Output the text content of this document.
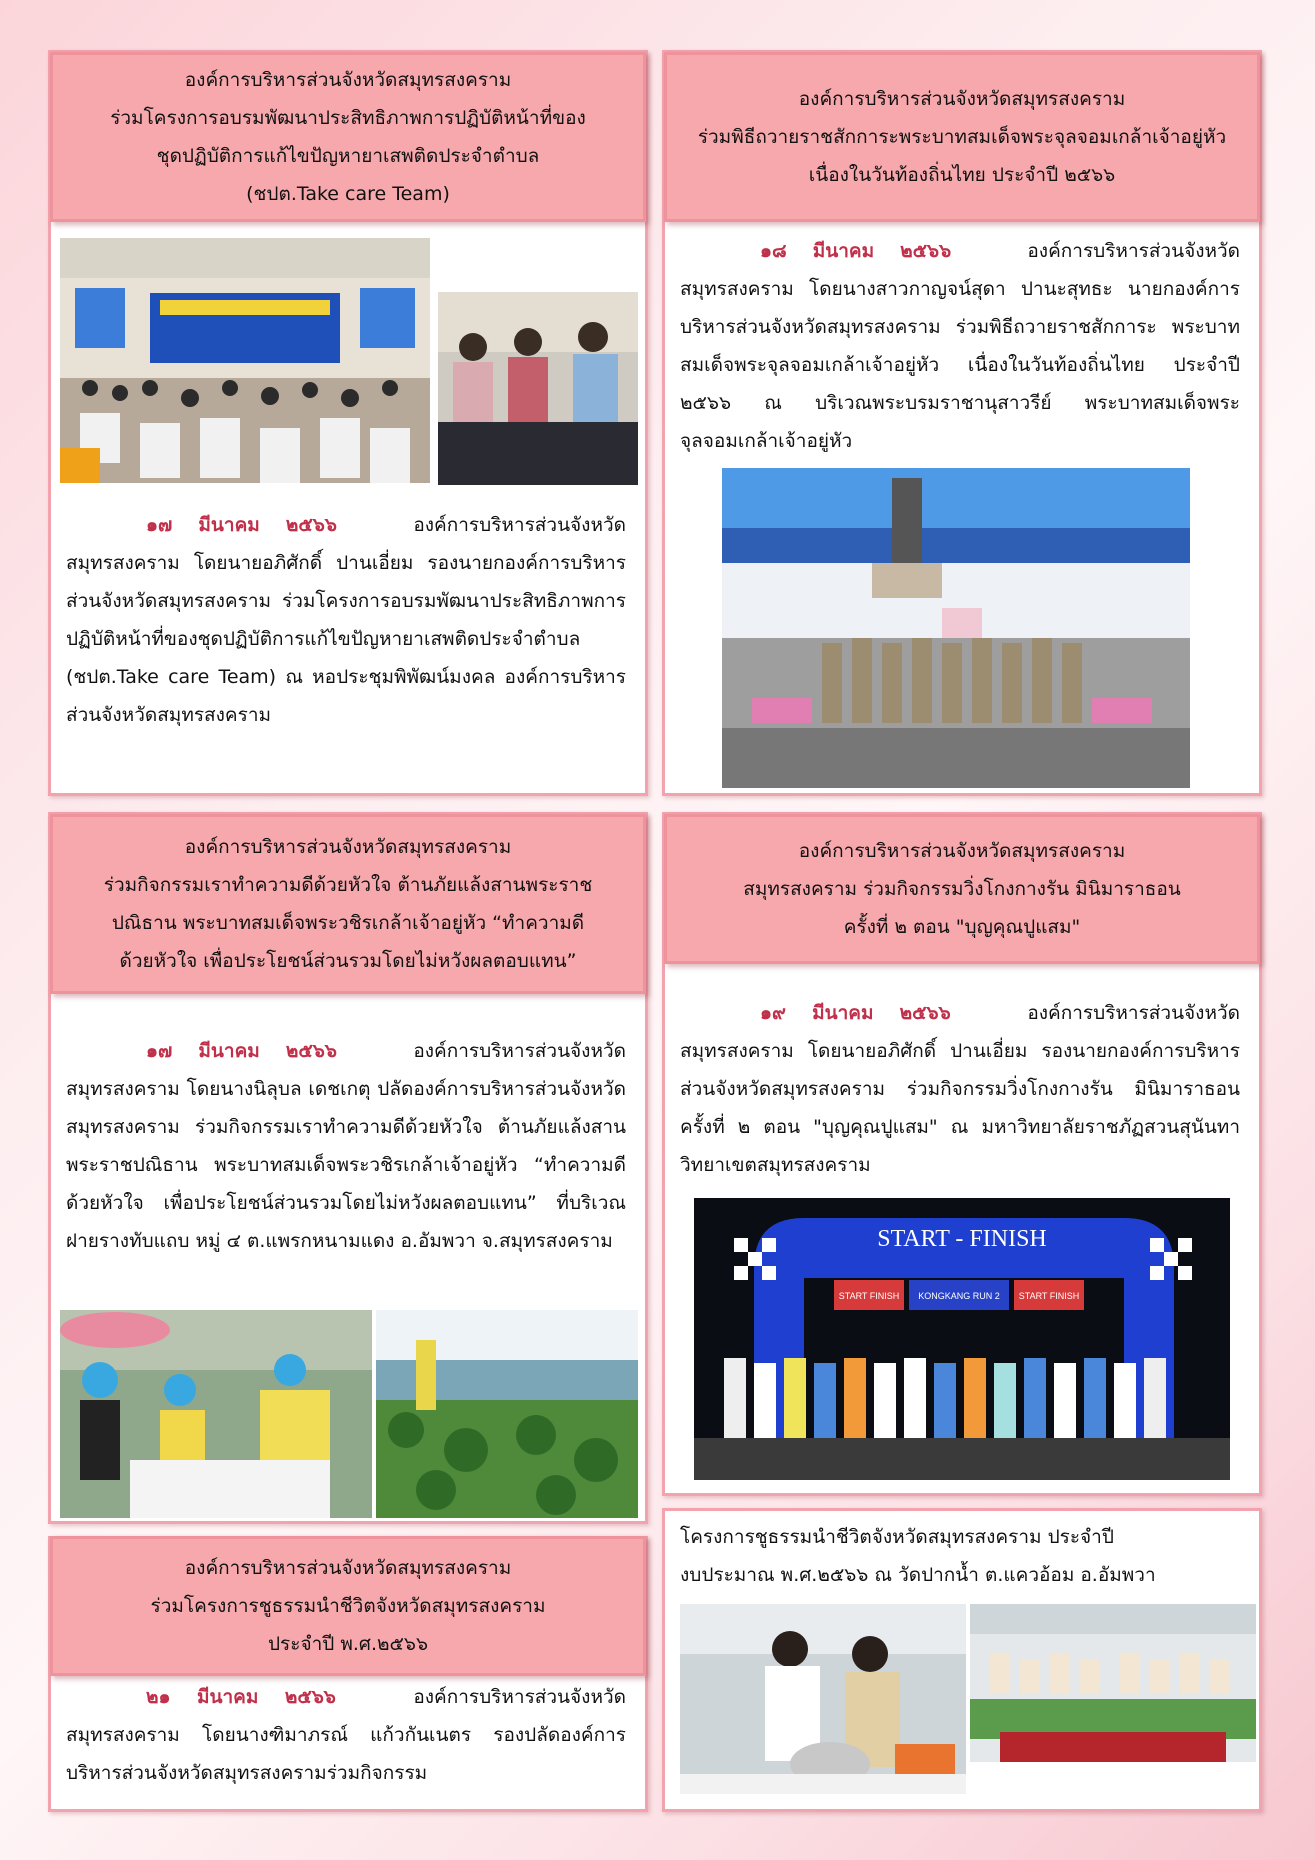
องค์การบริหารส่วนจังหวัดสมุทรสงคราม
ร่วมโครงการอบรมพัฒนาประสิทธิภาพการปฏิบัติหน้าที่ของ
ชุดปฏิบัติการแก้ไขปัญหายาเสพติดประจำตำบล
(ชปต.Take care Team)
๑๗ มีนาคม ๒๕๖๖	องค์การบริหารส่วนจังหวัดสมุทรสงคราม โดยนายอภิศักดิ์ ปานเอี่ยม รองนายกองค์การบริหารส่วนจังหวัดสมุทรสงคราม ร่วมโครงการอบรมพัฒนาประสิทธิภาพการปฏิบัติหน้าที่ของชุดปฏิบัติการแก้ไขปัญหายาเสพติดประจำตำบล (ชปต.Take care Team) ณ หอประชุมพิพัฒน์มงคล องค์การบริหารส่วนจังหวัดสมุทรสงคราม
องค์การบริหารส่วนจังหวัดสมุทรสงคราม
ร่วมพิธีถวายราชสักการะพระบาทสมเด็จพระจุลจอมเกล้าเจ้าอยู่หัว
เนื่องในวันท้องถิ่นไทย ประจำปี ๒๕๖๖
๑๘ มีนาคม ๒๕๖๖	องค์การบริหารส่วนจังหวัดสมุทรสงคราม โดยนางสาวกาญจน์สุดา ปานะสุทธะ นายกองค์การบริหารส่วนจังหวัดสมุทรสงคราม ร่วมพิธีถวายราชสักการะ พระบาทสมเด็จพระจุลจอมเกล้าเจ้าอยู่หัว เนื่องในวันท้องถิ่นไทย ประจำปี ๒๕๖๖ ณ บริเวณพระบรมราชานุสาวรีย์ พระบาทสมเด็จพระจุลจอมเกล้าเจ้าอยู่หัว
องค์การบริหารส่วนจังหวัดสมุทรสงคราม
ร่วมกิจกรรมเราทำความดีด้วยหัวใจ ต้านภัยแล้งสานพระราช
ปณิธาน พระบาทสมเด็จพระวชิรเกล้าเจ้าอยู่หัว “ทำความดี
ด้วยหัวใจ เพื่อประโยชน์ส่วนรวมโดยไม่หวังผลตอบแทน”
๑๗ มีนาคม ๒๕๖๖	องค์การบริหารส่วนจังหวัดสมุทรสงคราม โดยนางนิลุบล เดชเกตุ ปลัดองค์การบริหารส่วนจังหวัดสมุทรสงคราม ร่วมกิจกรรมเราทำความดีด้วยหัวใจ ต้านภัยแล้งสานพระราชปณิธาน พระบาทสมเด็จพระวชิรเกล้าเจ้าอยู่หัว “ทำความดี ด้วยหัวใจ เพื่อประโยชน์ส่วนรวมโดยไม่หวังผลตอบแทน” ที่บริเวณฝายรางทับแถบ หมู่ ๔ ต.แพรกหนามแดง อ.อัมพวา จ.สมุทรสงคราม
องค์การบริหารส่วนจังหวัดสมุทรสงคราม
สมุทรสงคราม ร่วมกิจกรรมวิ่งโกงกางรัน มินิมาราธอน
ครั้งที่ ๒ ตอน "บุญคุณปูแสม"
๑๙ มีนาคม ๒๕๖๖	องค์การบริหารส่วนจังหวัดสมุทรสงคราม โดยนายอภิศักดิ์ ปานเอี่ยม รองนายกองค์การบริหารส่วนจังหวัดสมุทรสงคราม ร่วมกิจกรรมวิ่งโกงกางรัน มินิมาราธอน ครั้งที่ ๒ ตอน "บุญคุณปูแสม" ณ มหาวิทยาลัยราชภัฏสวนสุนันทา วิทยาเขตสมุทรสงคราม
START - FINISH
START FINISH KONGKANG RUN 2 START FINISH
องค์การบริหารส่วนจังหวัดสมุทรสงคราม
ร่วมโครงการชูธรรมนำชีวิตจังหวัดสมุทรสงคราม
ประจำปี พ.ศ.๒๕๖๖
๒๑ มีนาคม ๒๕๖๖	องค์การบริหารส่วนจังหวัดสมุทรสงคราม โดยนางฑิมาภรณ์ แก้วกันเนตร รองปลัดองค์การบริหารส่วนจังหวัดสมุทรสงครามร่วมกิจกรรม
โครงการชูธรรมนำชีวิตจังหวัดสมุทรสงคราม ประจำปี
งบประมาณ พ.ศ.๒๕๖๖ ณ วัดปากน้ำ ต.แควอ้อม อ.อัมพวา
